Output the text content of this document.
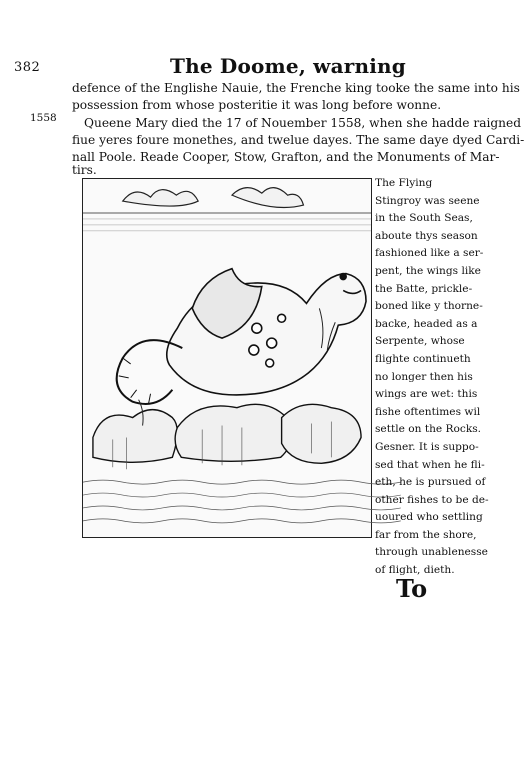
382	The Doome, warning
defence of the Englishe Nauie, the Frenche king tooke the same into his
possession from whose posteritie it was long before wonne.
1558 Queene Mary died the 17 of Nouember 1558, when she hadde raigned
fiue yeres foure monethes, and twelue dayes. The same daye dyed Cardi-
nall Poole. Reade Cooper, Stow, Grafton, and the Monuments of Mar-
tirs.
The Flying
Stingroy was seene
in the South Seas,
aboute thys season
fashioned like a ser-
pent, the wings like
the Batte, prickle-
boned like y thorne-
backe, headed as a
Serpente, whose
flighte continueth
no longer then his
wings are wet: this
fishe oftentimes wil
settle on the Rocks.
Gesner. It is suppo-
sed that when he fli-
eth, he is pursued of
other fishes to be de-
uoured who settling
far from the shore,
through unablenesse
of flight, dieth.
To
